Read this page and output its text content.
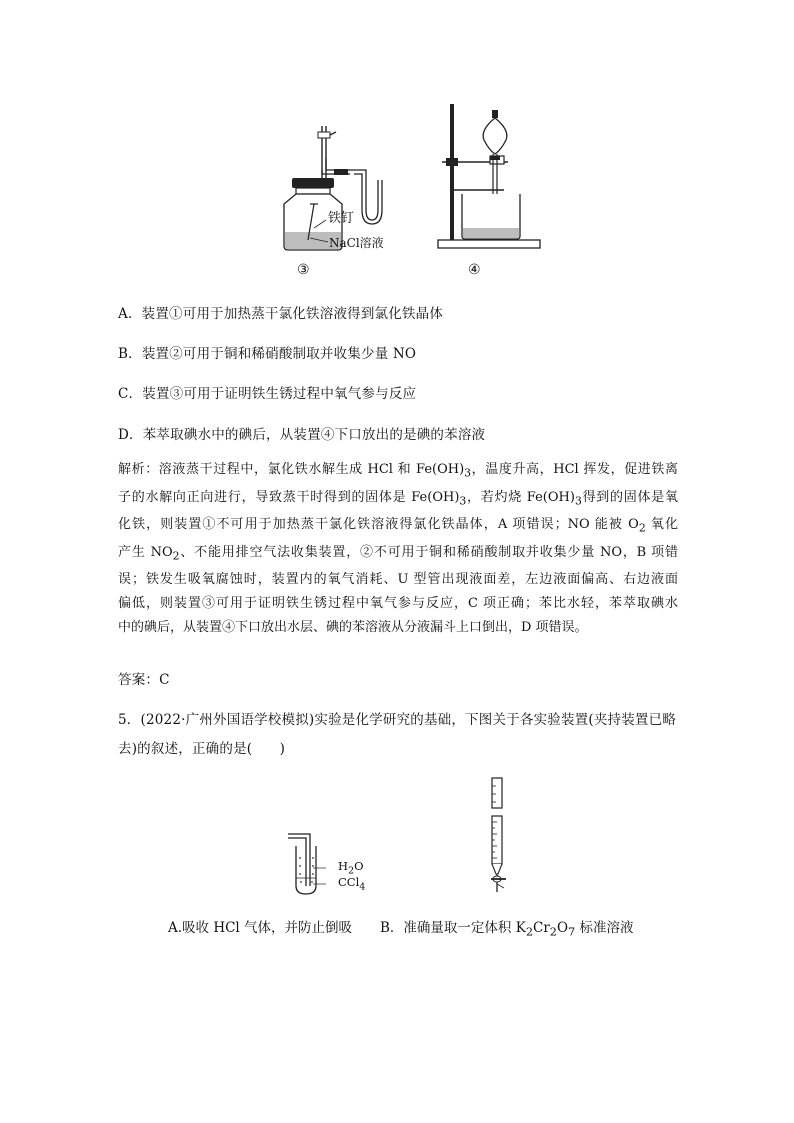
铁钉
NaCl溶液
③	④
A．装置①可用于加热蒸干氯化铁溶液得到氯化铁晶体
B．装置②可用于铜和稀硝酸制取并收集少量 NO
C．装置③可用于证明铁生锈过程中氧气参与反应
D．苯萃取碘水中的碘后，从装置④下口放出的是碘的苯溶液
解析：溶液蒸干过程中，氯化铁水解生成 HCl 和 $Fe(OH)_3$，温度升高，HCl 挥发，促进铁离
子的水解向正向进行，导致蒸干时得到的固体是 $Fe(OH)_3$，若灼烧 $Fe(OH)_3$得到的固体是氧
化铁，则装置①不可用于加热蒸干氯化铁溶液得氯化铁晶体，A 项错误；NO 能被 $O_2$ 氧化
产生 $NO_2$、不能用排空气法收集装置，②不可用于铜和稀硝酸制取并收集少量 NO，B 项错
误；铁发生吸氧腐蚀时，装置内的氧气消耗、U 型管出现液面差，左边液面偏高、右边液面
偏低，则装置③可用于证明铁生锈过程中氧气参与反应，C 项正确；苯比水轻，苯萃取碘水
中的碘后，从装置④下口放出水层、碘的苯溶液从分液漏斗上口倒出，D 项错误。
答案：C
5．(2022·广州外国语学校模拟)实验是化学研究的基础，下图关于各实验装置(夹持装置已略
去)的叙述，正确的是(　　)
$H_2O$
CCl$_4$
A.吸收 HCl 气体，并防止倒吸 B．准确量取一定体积 $K_2Cr_2O_7$ 标准溶液
